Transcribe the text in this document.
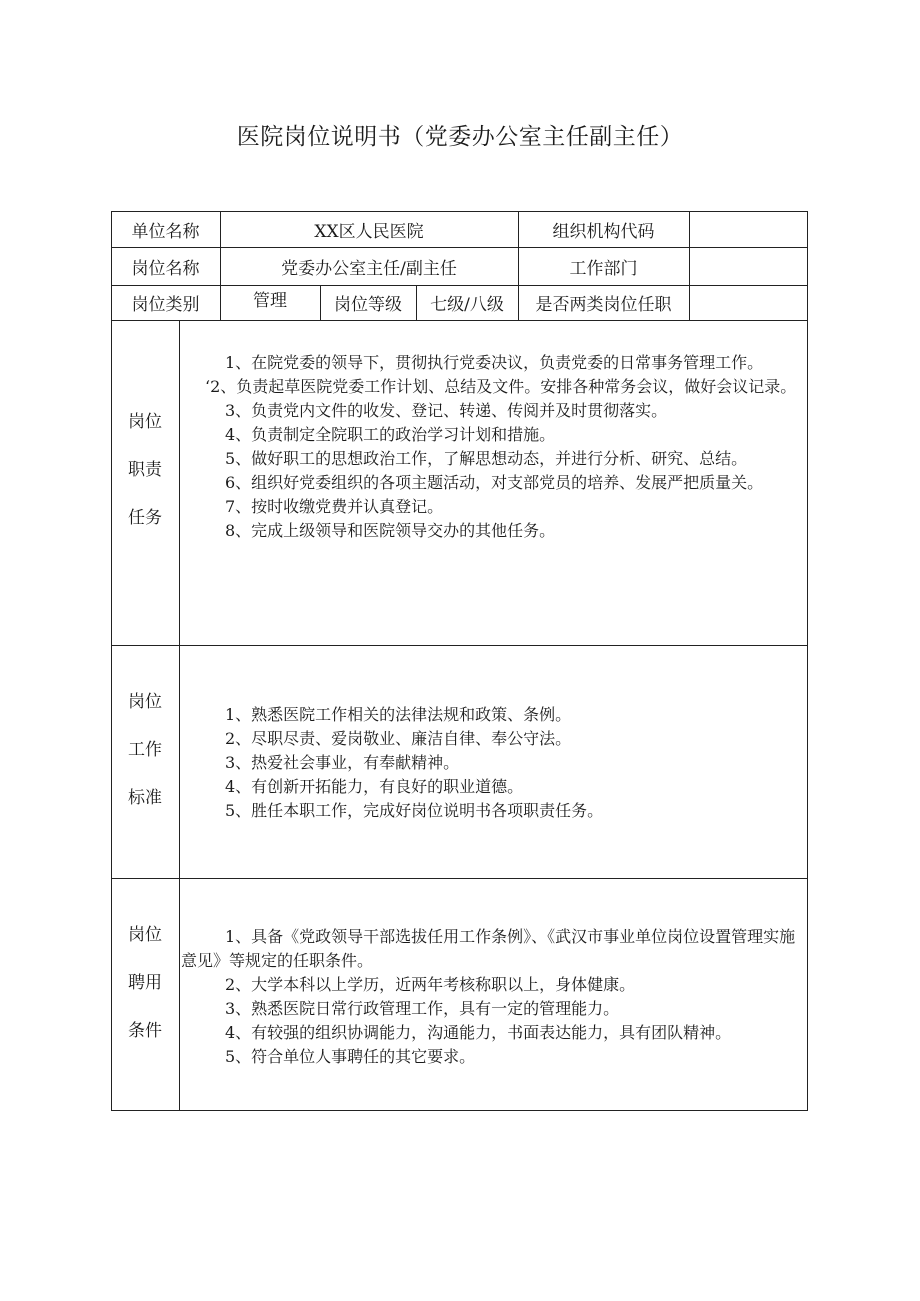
医院岗位说明书（党委办公室主任副主任）
单位名称	XX区人民医院	组织机构代码
岗位名称	党委办公室主任/副主任	工作部门
岗位类别	管理	岗位等级	七级/八级	是否两类岗位任职
岗位
职责
任务

1、在院党委的领导下，贯彻执行党委决议，负责党委的日常事务管理工作。

‘2、负责起草医院党委工作计划、总结及文件。安排各种常务会议，做好会议记录。

3、负责党内文件的收发、登记、转递、传阅并及时贯彻落实。

4、负责制定全院职工的政治学习计划和措施。

5、做好职工的思想政治工作，了解思想动态，并进行分析、研究、总结。

6、组织好党委组织的各项主题活动，对支部党员的培养、发展严把质量关。

7、按时收缴党费并认真登记。

8、完成上级领导和医院领导交办的其他任务。

岗位
工作
标准

1、熟悉医院工作相关的法律法规和政策、条例。

2、尽职尽责、爱岗敬业、廉洁自律、奉公守法。

3、热爱社会事业，有奉献精神。

4、有创新开拓能力，有良好的职业道德。

5、胜任本职工作，完成好岗位说明书各项职责任务。

岗位
聘用
条件

1、具备《党政领导干部选拔任用工作条例》、《武汉市事业单位岗位设置管理实施意见》等规定的任职条件。

2、大学本科以上学历，近两年考核称职以上，身体健康。

3、熟悉医院日常行政管理工作，具有一定的管理能力。

4、有较强的组织协调能力，沟通能力，书面表达能力，具有团队精神。

5、符合单位人事聘任的其它要求。
